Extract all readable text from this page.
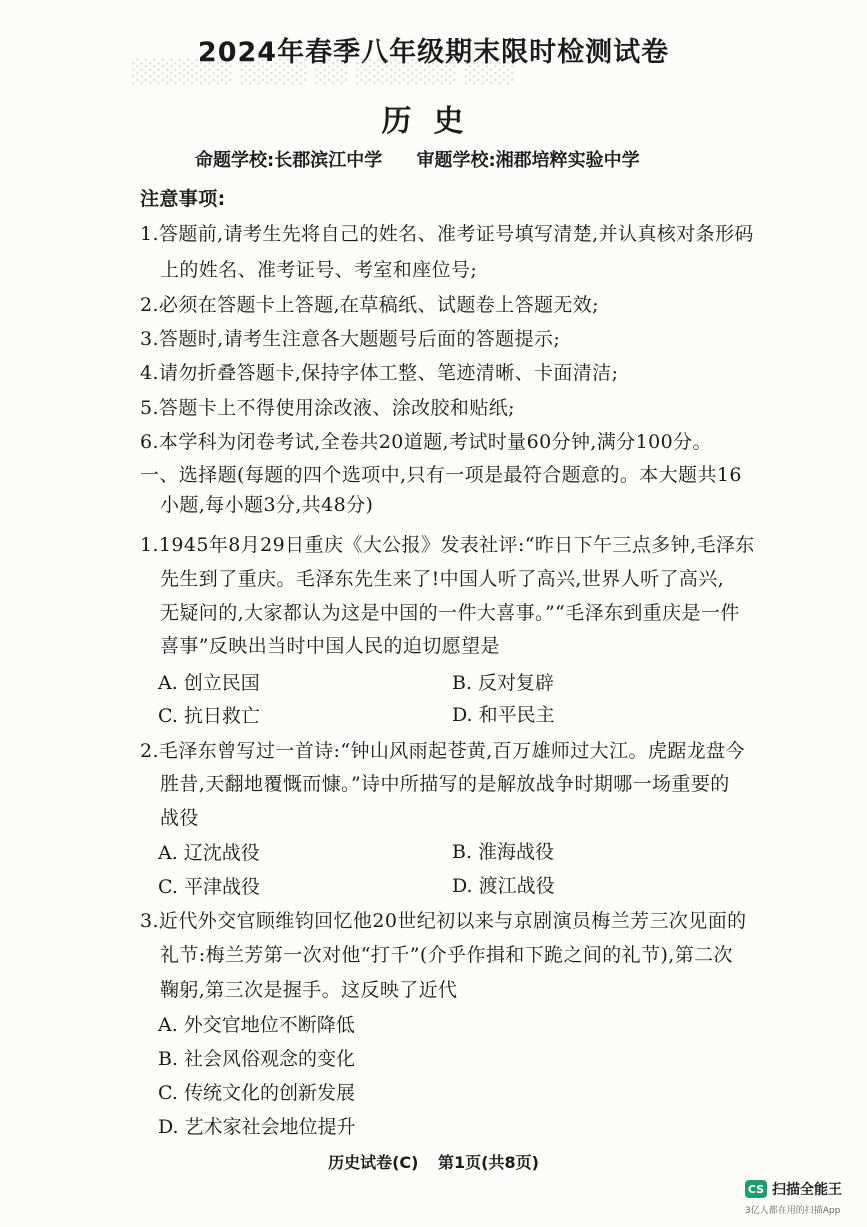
░░░ ░░░░░░ ░░ ░░░░ ░░░░░░
2024年春季八年级期末限时检测试卷
历史
命题学校:长郡滨江中学 审题学校:湘郡培粹实验中学
注意事项:
1.答题前,请考生先将自己的姓名、准考证号填写清楚,并认真核对条形码
上的姓名、准考证号、考室和座位号;
2.必须在答题卡上答题,在草稿纸、试题卷上答题无效;
3.答题时,请考生注意各大题题号后面的答题提示;
4.请勿折叠答题卡,保持字体工整、笔迹清晰、卡面清洁;
5.答题卡上不得使用涂改液、涂改胶和贴纸;
6.本学科为闭卷考试,全卷共20道题,考试时量60分钟,满分100分。
一、选择题(每题的四个选项中,只有一项是最符合题意的。本大题共16
小题,每小题3分,共48分)
1.1945年8月29日重庆《大公报》发表社评:“昨日下午三点多钟,毛泽东
先生到了重庆。毛泽东先生来了!中国人听了高兴,世界人听了高兴,
无疑问的,大家都认为这是中国的一件大喜事。”“毛泽东到重庆是一件
喜事”反映出当时中国人民的迫切愿望是
A. 创立民国	B. 反对复辟
C. 抗日救亡	D. 和平民主
2.毛泽东曾写过一首诗:“钟山风雨起苍黄,百万雄师过大江。虎踞龙盘今
胜昔,天翻地覆慨而慷。”诗中所描写的是解放战争时期哪一场重要的
战役
A. 辽沈战役	B. 淮海战役
C. 平津战役	D. 渡江战役
3.近代外交官顾维钧回忆他20世纪初以来与京剧演员梅兰芳三次见面的
礼节:梅兰芳第一次对他“打千”(介乎作揖和下跪之间的礼节),第二次
鞠躬,第三次是握手。这反映了近代
A. 外交官地位不断降低
B. 社会风俗观念的变化
C. 传统文化的创新发展
D. 艺术家社会地位提升
历史试卷(C) 第1页(共8页)
CS 扫描全能王
3亿人都在用的扫描App
